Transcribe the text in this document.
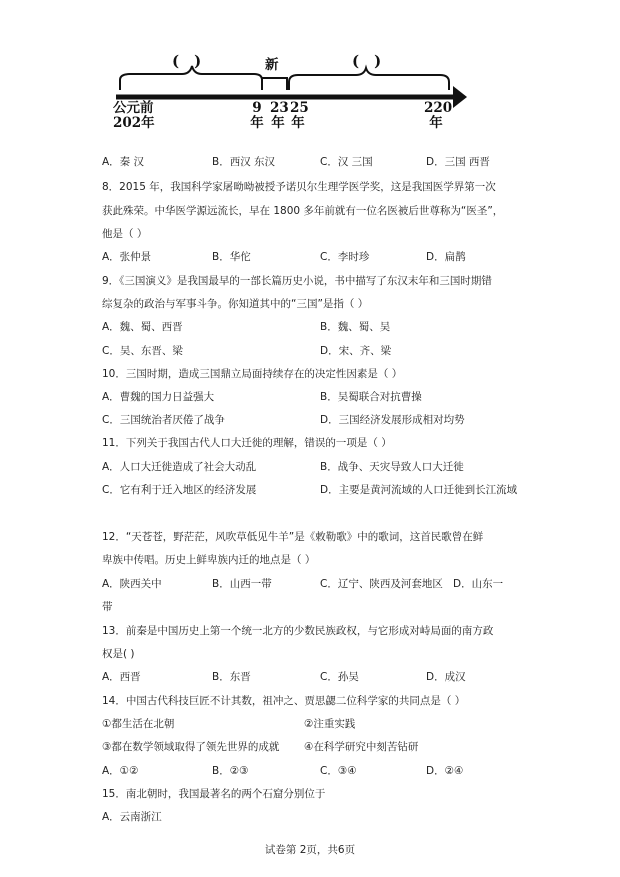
(　)	新	(　)
公元前
202年
9
年
23
年
25
年
220
年
A．秦 汉	B．西汉 东汉	C．汉 三国	D．三国 西晋
8．2015 年，我国科学家屠呦呦被授予诺贝尔生理学医学奖，这是我国医学界第一次
获此殊荣。中华医学源远流长，早在 1800 多年前就有一位名医被后世尊称为“医圣”，
他是（ ）
A．张仲景	B．华佗	C．李时珍	D．扁鹊
9．《三国演义》是我国最早的一部长篇历史小说，书中描写了东汉末年和三国时期错
综复杂的政治与军事斗争。你知道其中的“三国”是指（ ）
A．魏、蜀、西晋	B．魏、蜀、吴
C．吴、东晋、梁	D．宋、齐、梁
10．三国时期，造成三国鼎立局面持续存在的决定性因素是（ ）
A．曹魏的国力日益强大	B．吴蜀联合对抗曹操
C．三国统治者厌倦了战争	D．三国经济发展形成相对均势
11．下列关于我国古代人口大迁徙的理解，错误的一项是（ ）
A．人口大迁徙造成了社会大动乱	B．战争、天灾导致人口大迁徙
C．它有利于迁入地区的经济发展	D．主要是黄河流域的人口迁徙到长江流域
12．“天苍苍，野茫茫，风吹草低见牛羊”是《敕勒歌》中的歌词，这首民歌曾在鲜
卑族中传唱。历史上鲜卑族内迁的地点是（ ）
A．陕西关中	B．山西一带	C．辽宁、陕西及河套地区 D．山东一
带
13．前秦是中国历史上第一个统一北方的少数民族政权，与它形成对峙局面的南方政
权是( )
A．西晋	B．东晋	C．孙吴	D．成汉
14．中国古代科技巨匠不计其数，祖冲之、贾思勰二位科学家的共同点是（ ）
①都生活在北朝	②注重实践
③都在数学领域取得了领先世界的成就 ④在科学研究中刻苦钻研
A．①②	B．②③	C．③④	D．②④
15．南北朝时，我国最著名的两个石窟分别位于
A．云南浙江
试卷第 2页，共6页
